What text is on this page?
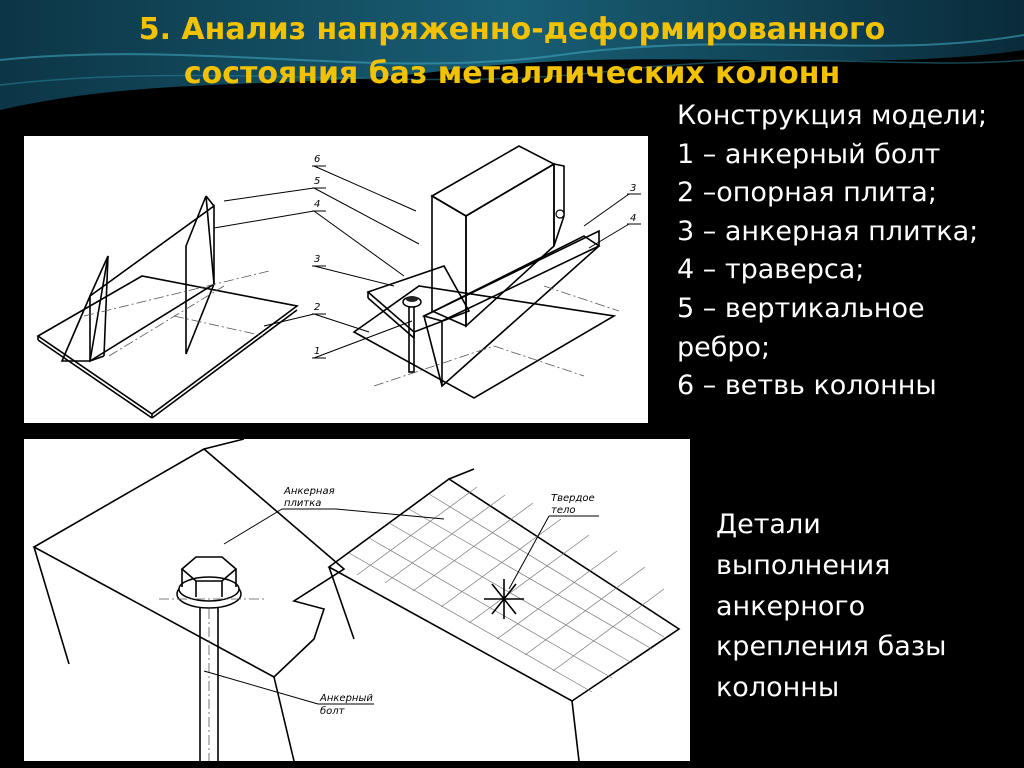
5. Анализ напряженно-деформированного
состояния баз металлических колонн
6
5
4
3
2
1
3
4
Конструкция модели;
1 – анкерный болт
2 –опорная плита;
3 – анкерная плитка;
4 – траверса;
5 – вертикальное
ребро;
6 – ветвь колонны
Анкерная
плитка	Твердое
тело
Анкерный
болт
Детали
выполнения
анкерного
крепления базы
колонны
